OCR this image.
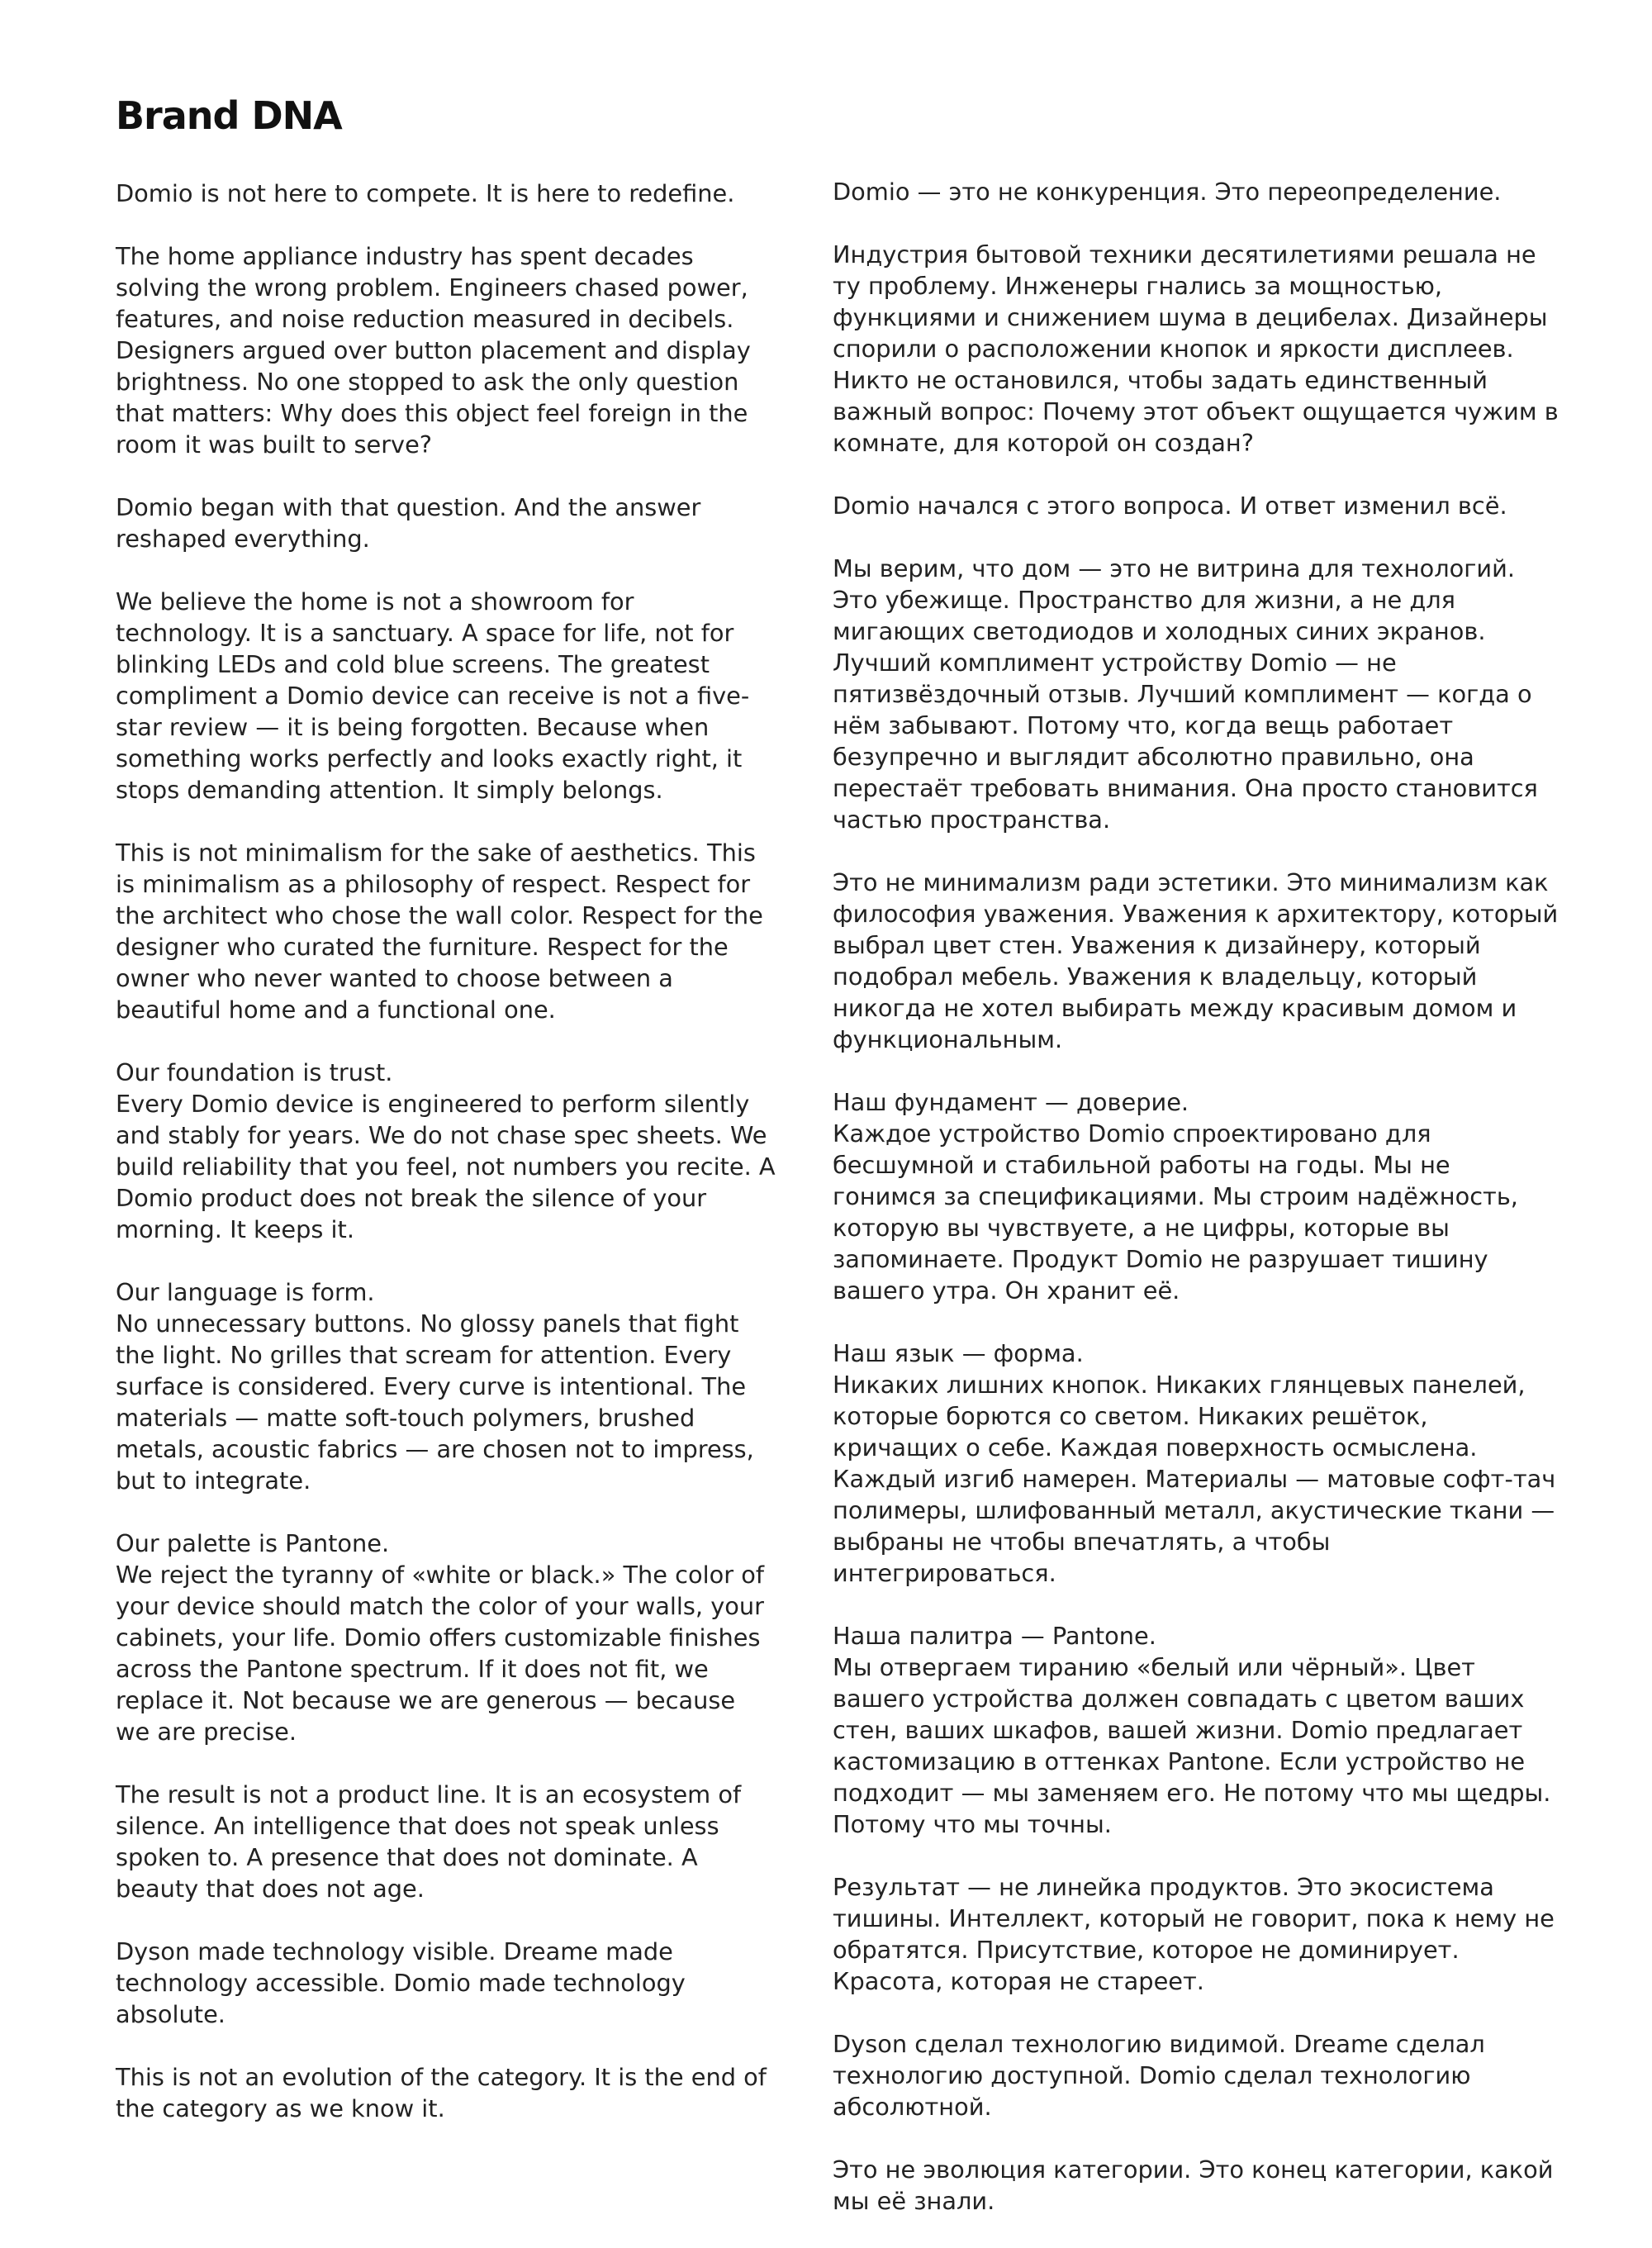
Brand DNA

Domio is not here to compete. It is here to redefine.

The home appliance industry has spent decades solving the wrong problem. Engineers chased power, features, and noise reduction measured in decibels. Designers argued over button placement and display brightness. No one stopped to ask the only question that matters: Why does this object feel foreign in the room it was built to serve?

Domio began with that question. And the answer reshaped everything.

We believe the home is not a showroom for technology. It is a sanctuary. A space for life, not for blinking LEDs and cold blue screens. The greatest compliment a Domio device can receive is not a five-star review — it is being forgotten. Because when something works perfectly and looks exactly right, it stops demanding attention. It simply belongs.

This is not minimalism for the sake of aesthetics. This is minimalism as a philosophy of respect. Respect for the architect who chose the wall color. Respect for the designer who curated the furniture. Respect for the owner who never wanted to choose between a beautiful home and a functional one.

Our foundation is trust.
Every Domio device is engineered to perform silently and stably for years. We do not chase spec sheets. We build reliability that you feel, not numbers you recite. A Domio product does not break the silence of your morning. It keeps it.

Our language is form.
No unnecessary buttons. No glossy panels that fight the light. No grilles that scream for attention. Every surface is considered. Every curve is intentional. The materials — matte soft-touch polymers, brushed metals, acoustic fabrics — are chosen not to impress, but to integrate.

Our palette is Pantone.
We reject the tyranny of «white or black.» The color of your device should match the color of your walls, your cabinets, your life. Domio offers customizable finishes across the Pantone spectrum. If it does not fit, we replace it. Not because we are generous — because we are precise.

The result is not a product line. It is an ecosystem of silence. An intelligence that does not speak unless spoken to. A presence that does not dominate. A beauty that does not age.

Dyson made technology visible. Dreame made technology accessible. Domio made technology absolute.

This is not an evolution of the category. It is the end of the category as we know it.

Domio — это не конкуренция. Это переопределение.

Индустрия бытовой техники десятилетиями решала не ту проблему. Инженеры гнались за мощностью, функциями и снижением шума в децибелах. Дизайнеры спорили о расположении кнопок и яркости дисплеев. Никто не остановился, чтобы задать единственный важный вопрос: Почему этот объект ощущается чужим в комнате, для которой он создан?

Domio начался с этого вопроса. И ответ изменил всё.

Мы верим, что дом — это не витрина для технологий. Это убежище. Пространство для жизни, а не для мигающих светодиодов и холодных синих экранов. Лучший комплимент устройству Domio — не пятизвёздочный отзыв. Лучший комплимент — когда о нём забывают. Потому что, когда вещь работает безупречно и выглядит абсолютно правильно, она перестаёт требовать внимания. Она просто становится частью пространства.

Это не минимализм ради эстетики. Это минимализм как философия уважения. Уважения к архитектору, который выбрал цвет стен. Уважения к дизайнеру, который подобрал мебель. Уважения к владельцу, который никогда не хотел выбирать между красивым домом и функциональным.

Наш фундамент — доверие.
Каждое устройство Domio спроектировано для бесшумной и стабильной работы на годы. Мы не гонимся за спецификациями. Мы строим надёжность, которую вы чувствуете, а не цифры, которые вы запоминаете. Продукт Domio не разрушает тишину вашего утра. Он хранит её.

Наш язык — форма.
Никаких лишних кнопок. Никаких глянцевых панелей, которые борются со светом. Никаких решёток, кричащих о себе. Каждая поверхность осмыслена. Каждый изгиб намерен. Материалы — матовые софт-тач полимеры, шлифованный металл, акустические ткани — выбраны не чтобы впечатлять, а чтобы интегрироваться.

Наша палитра — Pantone.
Мы отвергаем тиранию «белый или чёрный». Цвет вашего устройства должен совпадать с цветом ваших стен, ваших шкафов, вашей жизни. Domio предлагает кастомизацию в оттенках Pantone. Если устройство не подходит — мы заменяем его. Не потому что мы щедры. Потому что мы точны.

Результат — не линейка продуктов. Это экосистема тишины. Интеллект, который не говорит, пока к нему не обратятся. Присутствие, которое не доминирует. Красота, которая не стареет.

Dyson сделал технологию видимой. Dreame сделал технологию доступной. Domio сделал технологию абсолютной.

Это не эволюция категории. Это конец категории, какой мы её знали.
